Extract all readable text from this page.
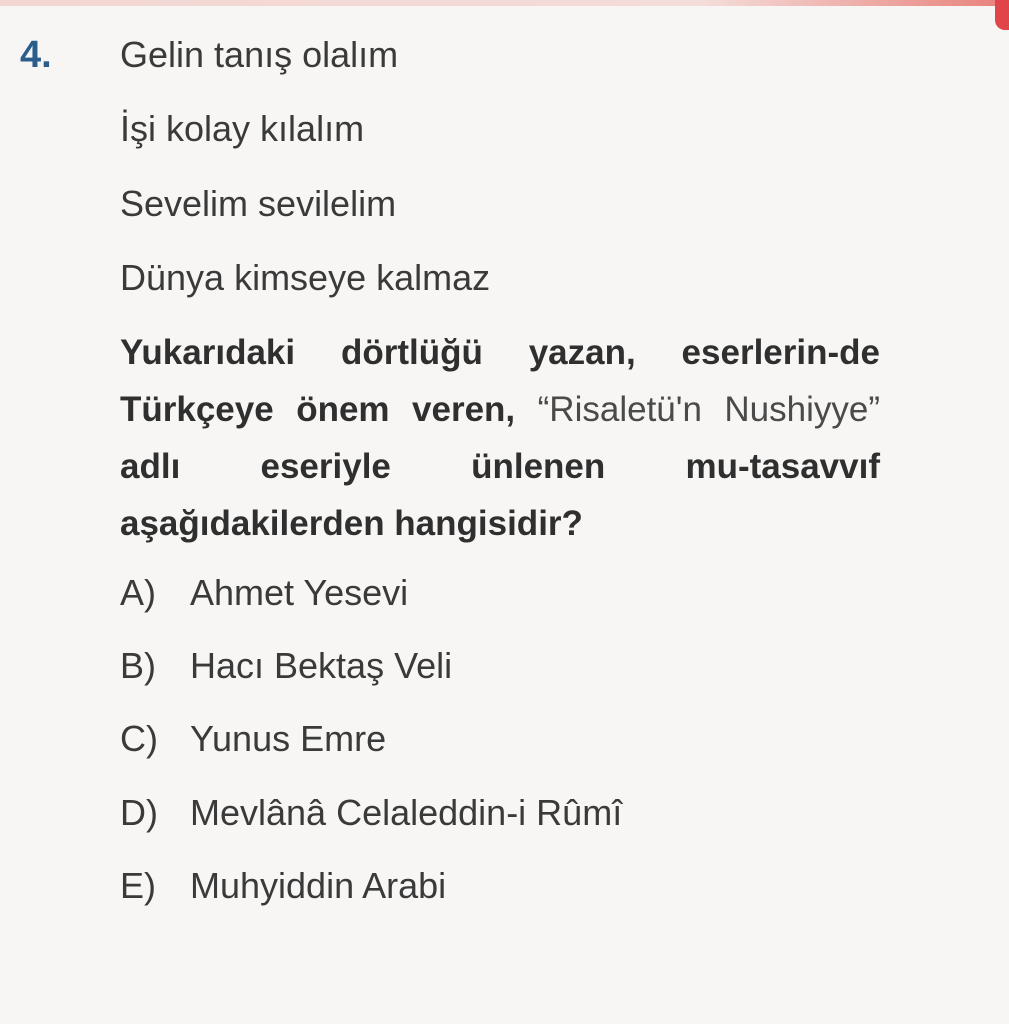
4. Gelin tanış olalım
İşi kolay kılalım
Sevelim sevilelim
Dünya kimseye kalmaz
Yukarıdaki dörtlüğü yazan, eserlerin-de Türkçeye önem veren, “Risaletü'n Nushiyye” adlı eseriyle ünlenen mu-tasavvıf aşağıdakilerden hangisidir?
A) Ahmet Yesevi
B) Hacı Bektaş Veli
C) Yunus Emre
D) Mevlânâ Celaleddin-i Rûmî
E) Muhyiddin Arabi
